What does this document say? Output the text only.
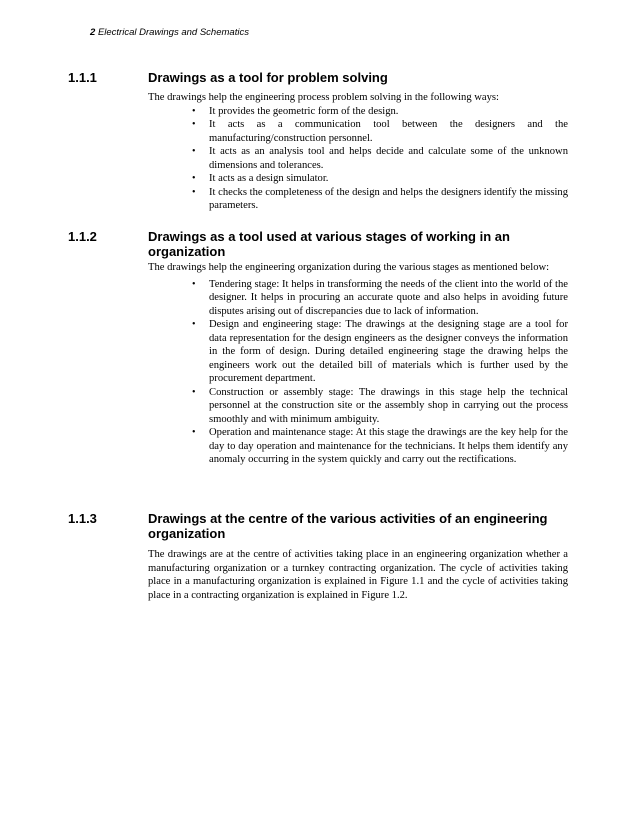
2 Electrical Drawings and Schematics
1.1.1	Drawings as a tool for problem solving
The drawings help the engineering process problem solving in the following ways:
• It provides the geometric form of the design.
• It acts as a communication tool between the designers and the manufacturing/construction personnel.
• It acts as an analysis tool and helps decide and calculate some of the unknown dimensions and tolerances.
• It acts as a design simulator.
• It checks the completeness of the design and helps the designers identify the missing parameters.
1.1.2	Drawings as a tool used at various stages of working in an organization
The drawings help the engineering organization during the various stages as mentioned below:
• Tendering stage: It helps in transforming the needs of the client into the world of the designer. It helps in procuring an accurate quote and also helps in avoiding future disputes arising out of discrepancies due to lack of information.
• Design and engineering stage: The drawings at the designing stage are a tool for data representation for the design engineers as the designer conveys the information in the form of design. During detailed engineering stage the drawing helps the engineers work out the detailed bill of materials which is further used by the procurement department.
• Construction or assembly stage: The drawings in this stage help the technical personnel at the construction site or the assembly shop in carrying out the process smoothly and with minimum ambiguity.
• Operation and maintenance stage: At this stage the drawings are the key help for the day to day operation and maintenance for the technicians. It helps them identify any anomaly occurring in the system quickly and carry out the rectifications.
1.1.3	Drawings at the centre of the various activities of an engineering organization
The drawings are at the centre of activities taking place in an engineering organization whether a manufacturing organization or a turnkey contracting organization. The cycle of activities taking place in a manufacturing organization is explained in Figure 1.1 and the cycle of activities taking place in a contracting organization is explained in Figure 1.2.
